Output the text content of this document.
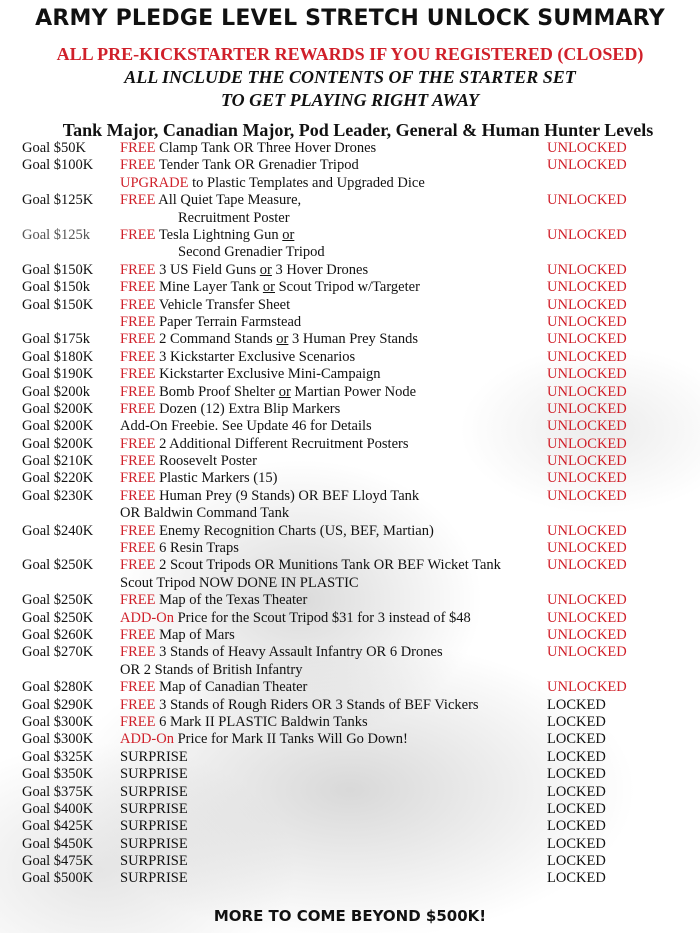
ARMY PLEDGE LEVEL STRETCH UNLOCK SUMMARY
ALL PRE-KICKSTARTER REWARDS IF YOU REGISTERED (CLOSED)
ALL INCLUDE THE CONTENTS OF THE STARTER SET
TO GET PLAYING RIGHT AWAY
Tank Major, Canadian Major, Pod Leader, General & Human Hunter Levels
Goal $50K FREE Clamp Tank OR Three Hover Drones	UNLOCKED
Goal $100K FREE Tender Tank OR Grenadier Tripod	UNLOCKED
UPGRADE to Plastic Templates and Upgraded Dice
Goal $125K FREE All Quiet Tape Measure,
Recruitment Poster
UNLOCKED
Goal $125k FREE Tesla Lightning Gun or
Second Grenadier Tripod
UNLOCKED
Goal $150K FREE 3 US Field Guns or 3 Hover Drones	UNLOCKED
Goal $150k FREE Mine Layer Tank or Scout Tripod w/Targeter	UNLOCKED
Goal $150K FREE Vehicle Transfer Sheet	UNLOCKED
FREE Paper Terrain Farmstead	UNLOCKED
Goal $175k FREE 2 Command Stands or 3 Human Prey Stands	UNLOCKED
Goal $180K FREE 3 Kickstarter Exclusive Scenarios	UNLOCKED
Goal $190K FREE Kickstarter Exclusive Mini-Campaign	UNLOCKED
Goal $200k FREE Bomb Proof Shelter or Martian Power Node	UNLOCKED
Goal $200K FREE Dozen (12) Extra Blip Markers	UNLOCKED
Goal $200K Add-On Freebie. See Update 46 for Details	UNLOCKED
Goal $200K FREE 2 Additional Different Recruitment Posters	UNLOCKED
Goal $210K FREE Roosevelt Poster	UNLOCKED
Goal $220K FREE Plastic Markers (15)	UNLOCKED
Goal $230K FREE Human Prey (9 Stands) OR BEF Lloyd Tank
OR Baldwin Command Tank
UNLOCKED
Goal $240K FREE Enemy Recognition Charts (US, BEF, Martian)	UNLOCKED
FREE 6 Resin Traps	UNLOCKED
Goal $250K FREE 2 Scout Tripods OR Munitions Tank OR BEF Wicket Tank
Scout Tripod NOW DONE IN PLASTIC
UNLOCKED
Goal $250K FREE Map of the Texas Theater	UNLOCKED
Goal $250K ADD-On Price for the Scout Tripod $31 for 3 instead of $48	UNLOCKED
Goal $260K FREE Map of Mars	UNLOCKED
Goal $270K FREE 3 Stands of Heavy Assault Infantry OR 6 Drones
OR 2 Stands of British Infantry
UNLOCKED
Goal $280K FREE Map of Canadian Theater	UNLOCKED
Goal $290K FREE 3 Stands of Rough Riders OR 3 Stands of BEF Vickers	LOCKED
Goal $300K FREE 6 Mark II PLASTIC Baldwin Tanks	LOCKED
Goal $300K ADD-On Price for Mark II Tanks Will Go Down!	LOCKED
Goal $325K SURPRISE	LOCKED
Goal $350K SURPRISE	LOCKED
Goal $375K SURPRISE	LOCKED
Goal $400K SURPRISE	LOCKED
Goal $425K SURPRISE	LOCKED
Goal $450K SURPRISE	LOCKED
Goal $475K SURPRISE	LOCKED
Goal $500K SURPRISE	LOCKED
MORE TO COME BEYOND $500K!
